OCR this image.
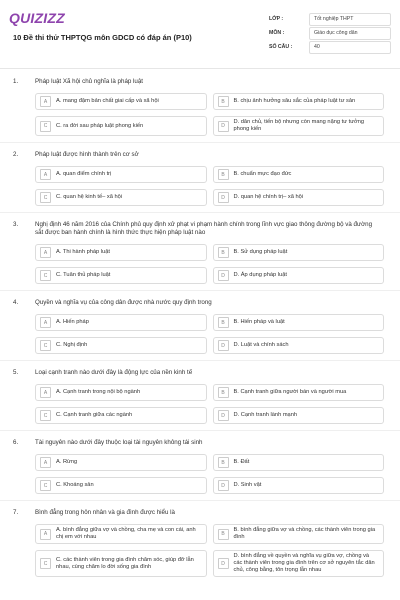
QUIZIZZ
10 Đề thi thử THPTQG môn GDCD có đáp án (P10)
LỚP :	Tốt nghiệp THPT
MÔN :	Giáo dục công dân
SỐ CÂU :	40
1.	Pháp luật Xã hội chủ nghĩa là pháp luật
A	A. mang đậm bản chất giai cấp và xã hội	B	B. chịu ảnh hưởng sâu sắc của pháp luật tư sản
C	C. ra đời sau pháp luật phong kiến	D
D. dân chủ, tiến bộ nhưng còn mang nặng tư tưởng phong kiến
2.	Pháp luật được hình thành trên cơ sở
A	A. quan điểm chính trị	B	B. chuẩn mực đạo đức
C	C. quan hệ kinh tế– xã hội	D	D. quan hệ chính trị– xã hội
3.	Nghị định 46 năm 2016 của Chính phủ quy định xử phạt vi phạm hành chính trong lĩnh vực giao thông đường bộ và đường sắt được ban hành chính là hình thức thực hiện pháp luật nào
A	A. Thi hành pháp luật	B	B. Sử dụng pháp luật
C	C. Tuân thủ pháp luật	D	D. Áp dụng pháp luật
4.	Quyền và nghĩa vụ của công dân được nhà nước quy định trong
A	A. Hiến pháp	B	B. Hiến pháp và luật
C	C. Nghị định	D	D. Luật và chính sách
5.	Loại cạnh tranh nào dưới đây là động lực của nền kinh tế
A	A. Cạnh tranh trong nội bộ ngành	B	B. Cạnh tranh giữa người bán và người mua
C	C. Cạnh tranh giữa các ngành	D	D. Cạnh tranh lành mạnh
6.	Tài nguyên nào dưới đây thuộc loại tài nguyên không tái sinh
A	A. Rừng	B	B. Đất
C	C. Khoáng sản	D	D. Sinh vật
7.	Bình đẳng trong hôn nhân và gia đình được hiểu là
A
A. bình đẳng giữa vợ và chồng, cha mẹ và con cái, anh chị em với nhau	B
B. bình đẳng giữa vợ và chồng, các thành viên trong gia đình
C
C. các thành viên trong gia đình chăm sóc, giúp đỡ lẫn nhau, cùng chăm lo đời sống gia đình	D
D. bình đẳng về quyền và nghĩa vụ giữa vợ, chồng và các thành viên trong gia đình trên cơ sở nguyên tắc dân chủ, công bằng, tôn trọng lẫn nhau
